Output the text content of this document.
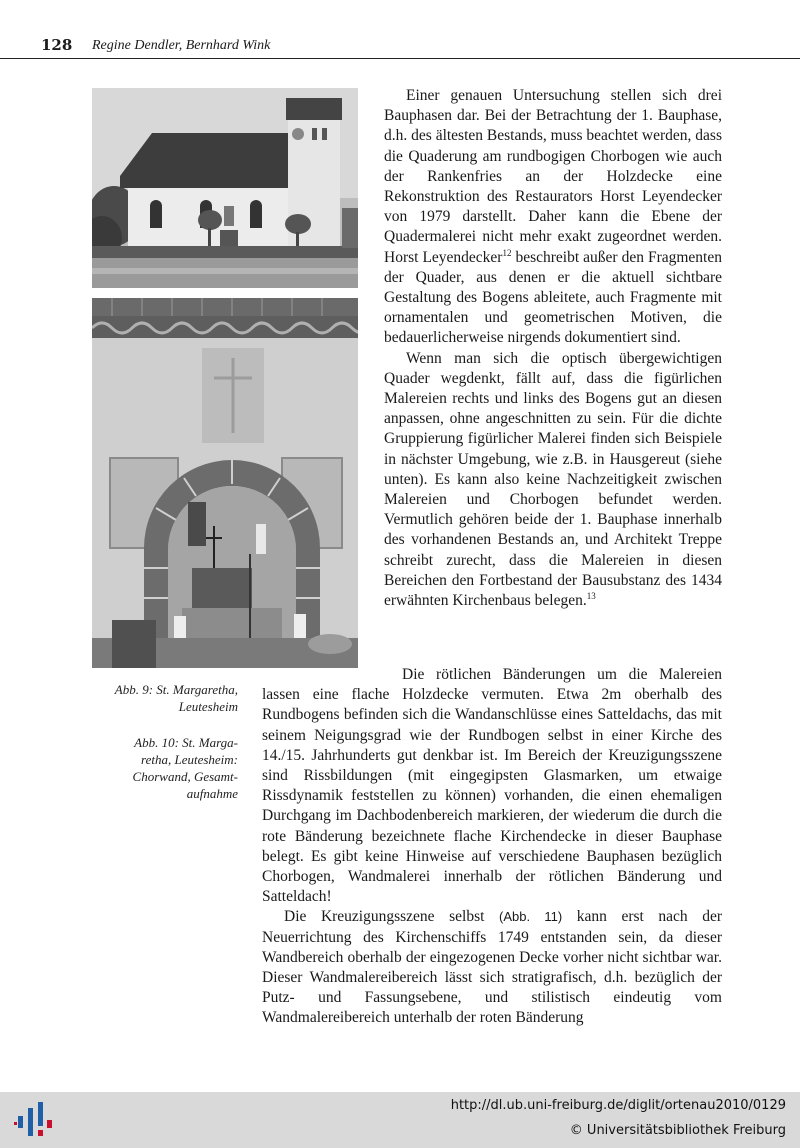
128 Regine Dendler, Bernhard Wink
Abb. 9: St. Margaretha,
Leutesheim
Abb. 10: St. Marga-
retha, Leutesheim:
Chorwand, Gesamt-
aufnahme

Einer genauen Untersuchung stellen sich drei Bauphasen dar. Bei der Betrachtung der 1. Bauphase, d.h. des ältesten Bestands, muss beachtet werden, dass die Quaderung am rundbogigen Chorbogen wie auch der Rankenfries an der Holzdecke eine Rekonstruktion des Restaurators Horst Leyendecker von 1979 darstellt. Daher kann die Ebene der Quadermalerei nicht mehr exakt zugeordnet werden. Horst Leyendecker$^{12}$ beschreibt außer den Fragmenten der Quader, aus denen er die aktuell sichtbare Gestaltung des Bogens ableitete, auch Fragmente mit ornamentalen und geometrischen Motiven, die bedauerlicherweise nirgends dokumentiert sind.

Wenn man sich die optisch übergewichtigen Quader wegdenkt, fällt auf, dass die figürlichen Malereien rechts und links des Bogens gut an diesen anpassen, ohne angeschnitten zu sein. Für die dichte Gruppierung figürlicher Malerei finden sich Beispiele in nächster Umgebung, wie z.B. in Hausgereut (siehe unten). Es kann also keine Nachzeitigkeit zwischen Malereien und Chorbogen befundet werden. Vermutlich gehören beide der 1. Bauphase innerhalb des vorhandenen Bestands an, und Architekt Treppe schreibt zurecht, dass die Malereien in diesen Bereichen den Fortbestand der Bausubstanz des 1434 erwähnten Kirchenbaus belegen.$^{13}$

Die rötlichen Bänderungen um die Malereien lassen eine flache Holzdecke vermuten. Etwa 2m oberhalb des Rundbogens befinden sich die Wandanschlüsse eines Satteldachs, das mit seinem Neigungsgrad wie der Rundbogen selbst in einer Kirche des 14./15. Jahrhunderts gut denkbar ist. Im Bereich der Kreuzigungsszene sind Rissbildungen (mit eingegipsten Glasmarken, um etwaige Rissdynamik feststellen zu können) vorhanden, die einen ehemaligen Durchgang im Dachbodenbereich markieren, der wiederum die durch die rote Bänderung bezeichnete flache Kirchendecke in dieser Bauphase belegt. Es gibt keine Hinweise auf verschiedene Bauphasen bezüglich Chorbogen, Wandmalerei innerhalb der rötlichen Bänderung und Satteldach!

Die Kreuzigungsszene selbst (Abb. 11) kann erst nach der Neuerrichtung des Kirchenschiffs 1749 entstanden sein, da dieser Wandbereich oberhalb der eingezogenen Decke vorher nicht sichtbar war. Dieser Wandmalereibereich lässt sich stratigrafisch, d.h. bezüglich der Putz- und Fassungsebene, und stilistisch eindeutig vom Wandmalereibereich unterhalb der roten Bänderung

http://dl.ub.uni-freiburg.de/diglit/ortenau2010/0129
© Universitätsbibliothek Freiburg
